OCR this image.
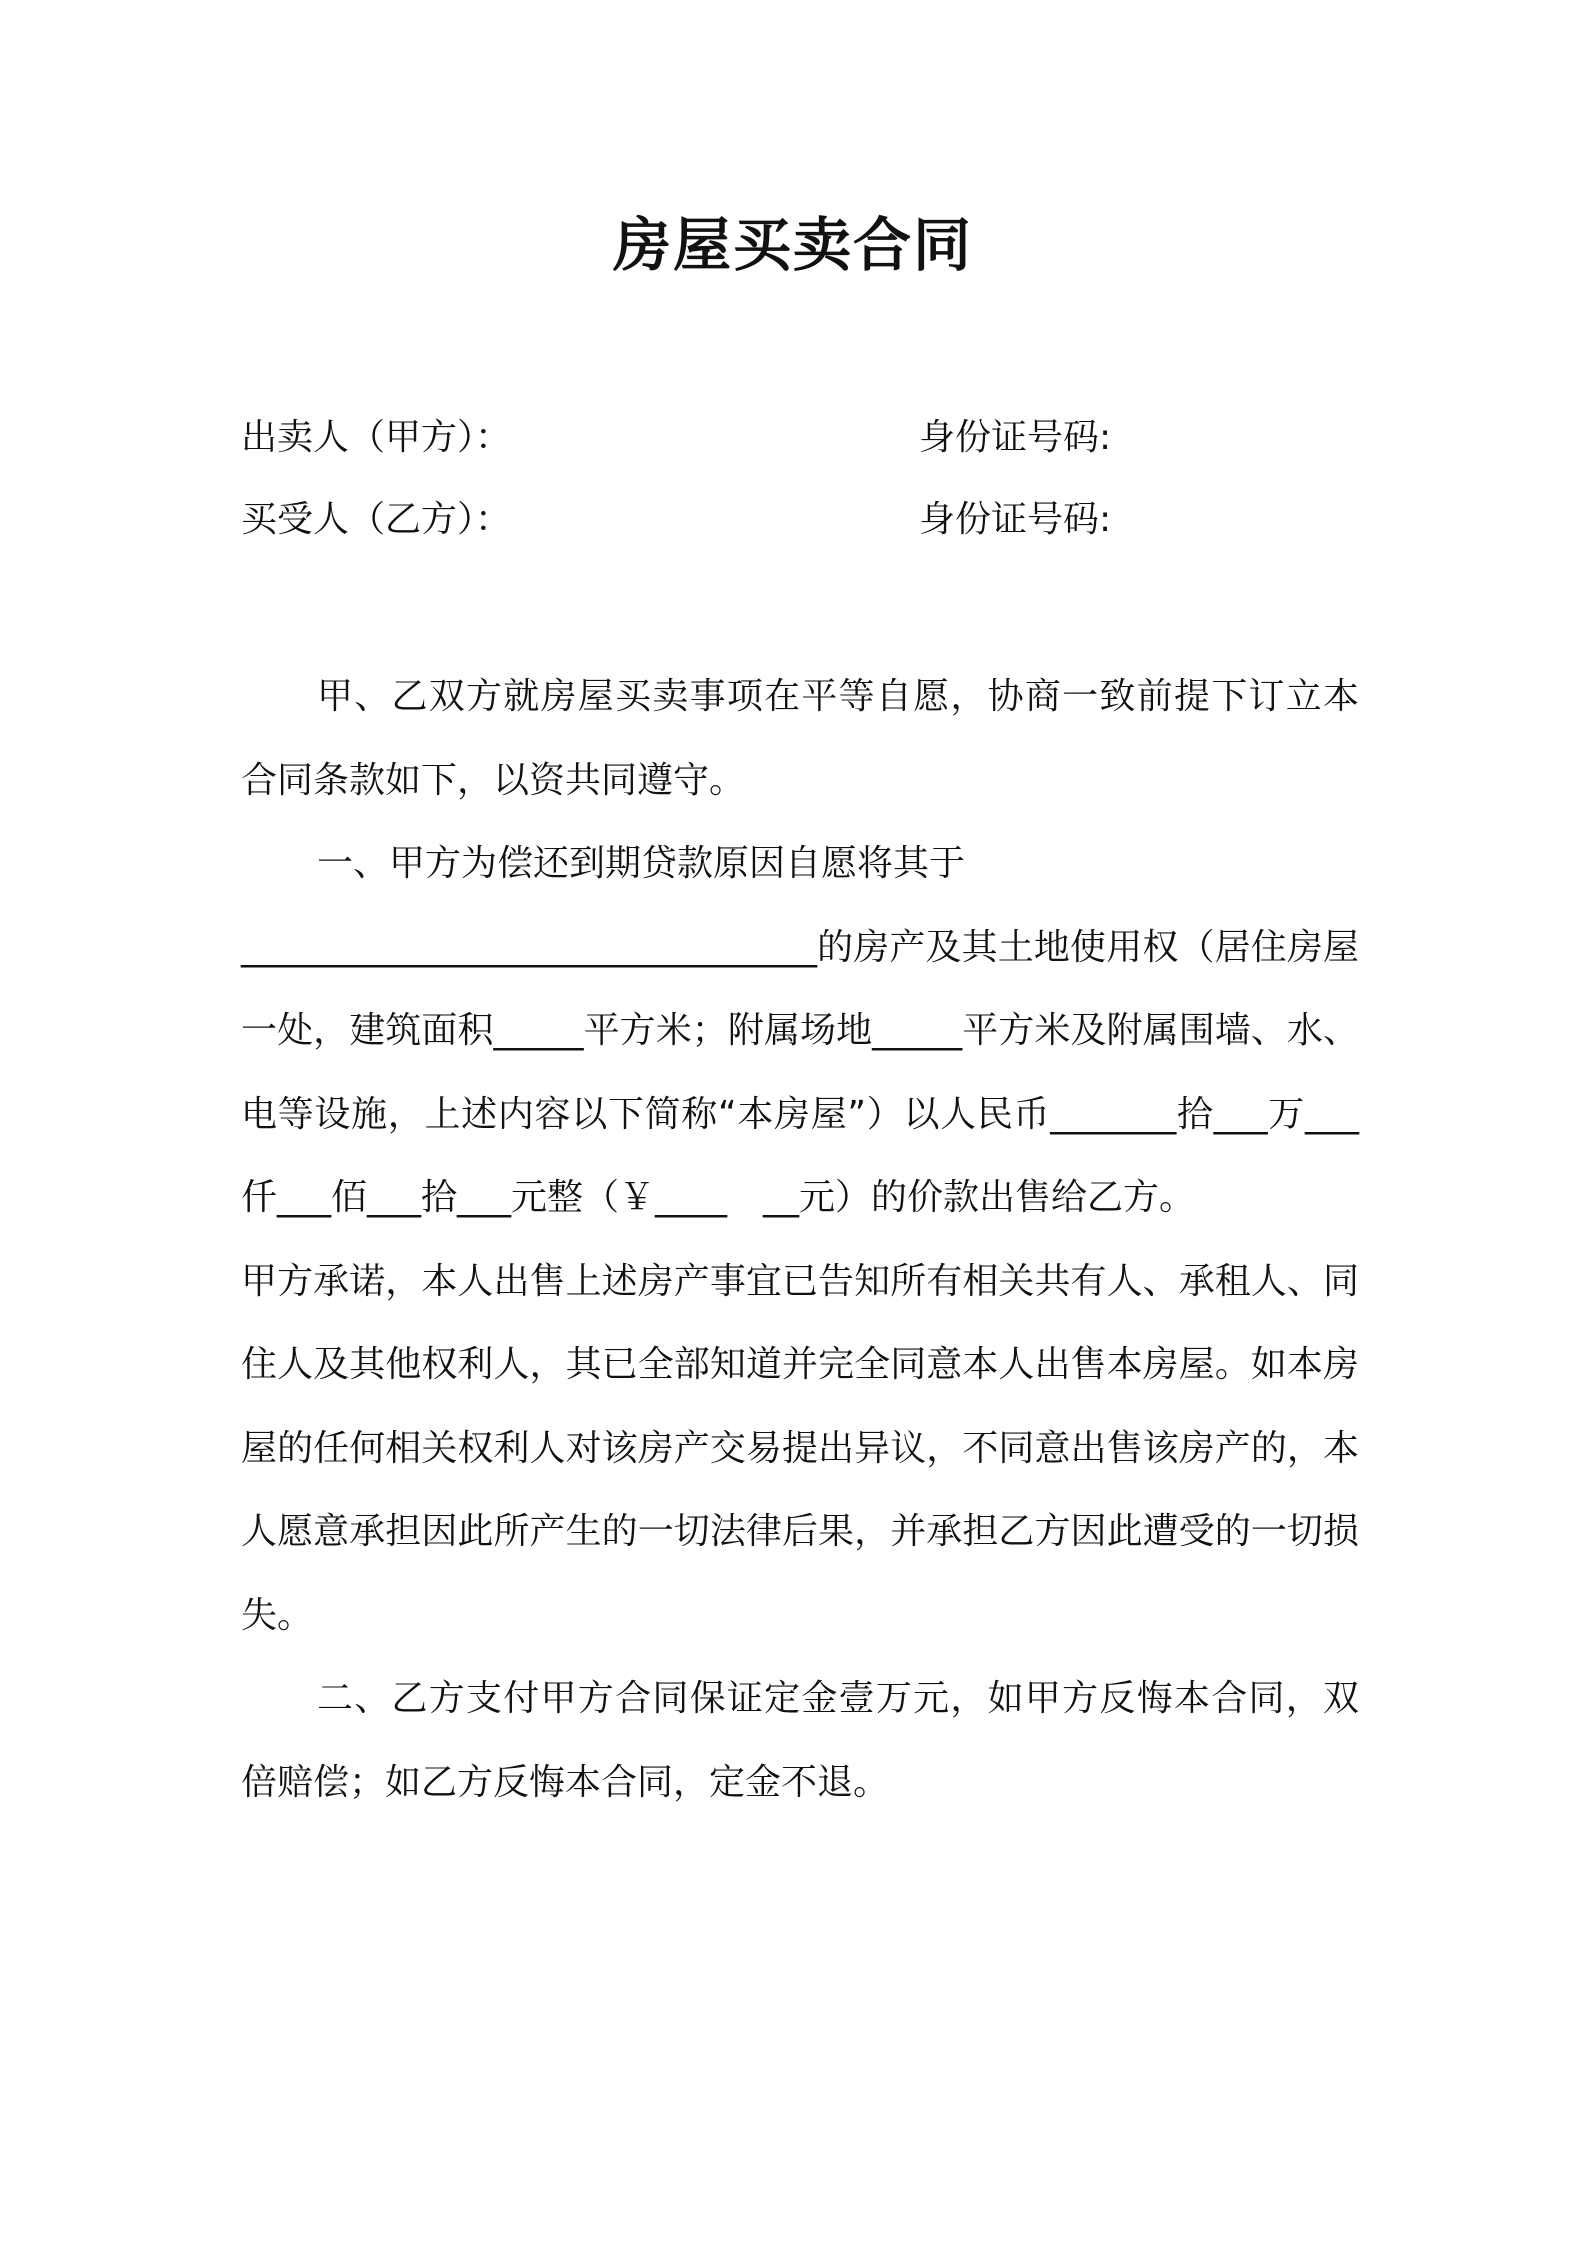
房屋买卖合同
出卖人（甲方）：	身份证号码:
买受人（乙方）：	身份证号码:

甲、乙双方就房屋买卖事项在平等自愿，协商一致前提下订立本合同条款如下，以资共同遵守。

一、甲方为偿还到期贷款原因自愿将其于

________________________________的房产及其土地使用权（居住房屋一处，建筑面积_____平方米；附属场地_____平方米及附属围墙、水、电等设施，上述内容以下简称“本房屋”）以人民币_______拾___万___仟___佰___拾___元整（￥____　__元）的价款出售给乙方。

甲方承诺，本人出售上述房产事宜已告知所有相关共有人、承租人、同住人及其他权利人，其已全部知道并完全同意本人出售本房屋。如本房屋的任何相关权利人对该房产交易提出异议，不同意出售该房产的，本人愿意承担因此所产生的一切法律后果，并承担乙方因此遭受的一切损失。

二、乙方支付甲方合同保证定金壹万元，如甲方反悔本合同，双倍赔偿；如乙方反悔本合同，定金不退。
